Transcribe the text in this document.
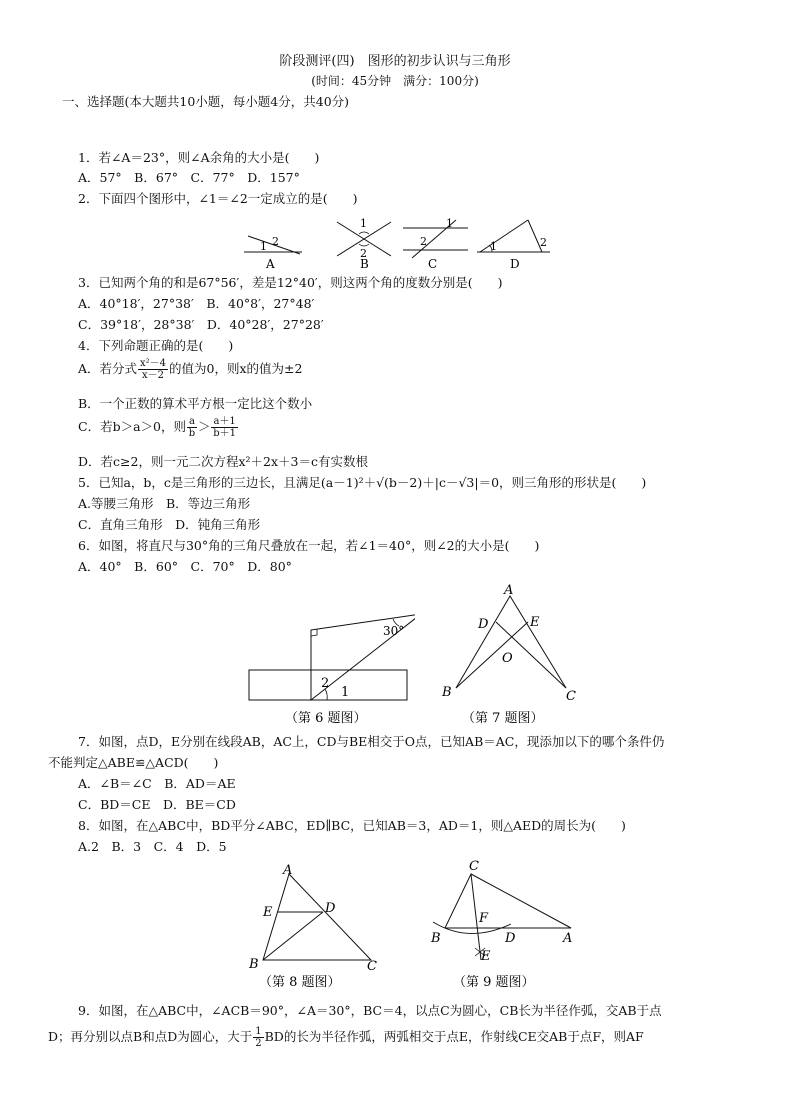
阶段测评(四)　图形的初步认识与三角形
(时间：45分钟　满分：100分)
一、选择题(本大题共10小题，每小题4分，共40分)
1．若∠A＝23°，则∠A余角的大小是(　　)
A．57°　B．67°　C．77°　D．157°
2．下面四个图形中，∠1＝∠2一定成立的是(　　)
1 2
A
1
2
B
1
2
C
1	2
D
3．已知两个角的和是67°56′，差是12°40′，则这两个角的度数分别是(　　)
A．40°18′，27°38′　B．40°8′，27°48′
C．39°18′，28°38′　D．40°28′，27°28′
4．下列命题正确的是(　　)
A．若分式 $\frac{\text{x²－4}}{x-2}$ 的值为0，则x的值为±2
B．一个正数的算术平方根一定比这个数小
C．若b＞a＞0，则 $\frac{a}{b} > \frac{a+1}{b+1}$
D．若c≥2，则一元二次方程x²＋2x＋3＝c有实数根
5．已知a，b，c是三角形的三边长，且满足(a－1)²＋√(b－2)＋|c－√3|＝0，则三角形的形状是(　　)
A.等腰三角形　B．等边三角形
C．直角三角形　D．钝角三角形
6．如图，将直尺与30°角的三角尺叠放在一起，若∠1＝40°，则∠2的大小是(　　)
A．40°　B．60°　C．70°　D．80°
30°
2
1
（第 6 题图）
A
D	E
O
B	C
（第 7 题图）
7．如图，点D，E分别在线段AB，AC上，CD与BE相交于O点，已知AB＝AC，现添加以下的哪个条件仍
不能判定△ABE≌△ACD(　　)
A．∠B＝∠C　B．AD＝AE
C．BD＝CE　D．BE＝CD
8．如图，在△ABC中，BD平分∠ABC，ED∥BC，已知AB＝3，AD＝1，则△AED的周长为(　　)
A.2　B．3　C．4　D．5
A
E	D
B	C
（第 8 题图）
C
F
B	D	A
E
（第 9 题图）
9．如图，在△ABC中，∠ACB＝90°，∠A＝30°，BC＝4，以点C为圆心，CB长为半径作弧，交AB于点
D；再分别以点B和点D为圆心，大于 $\frac{1}{2}$ BD的长为半径作弧，两弧相交于点E，作射线CE交AB于点F，则AF
